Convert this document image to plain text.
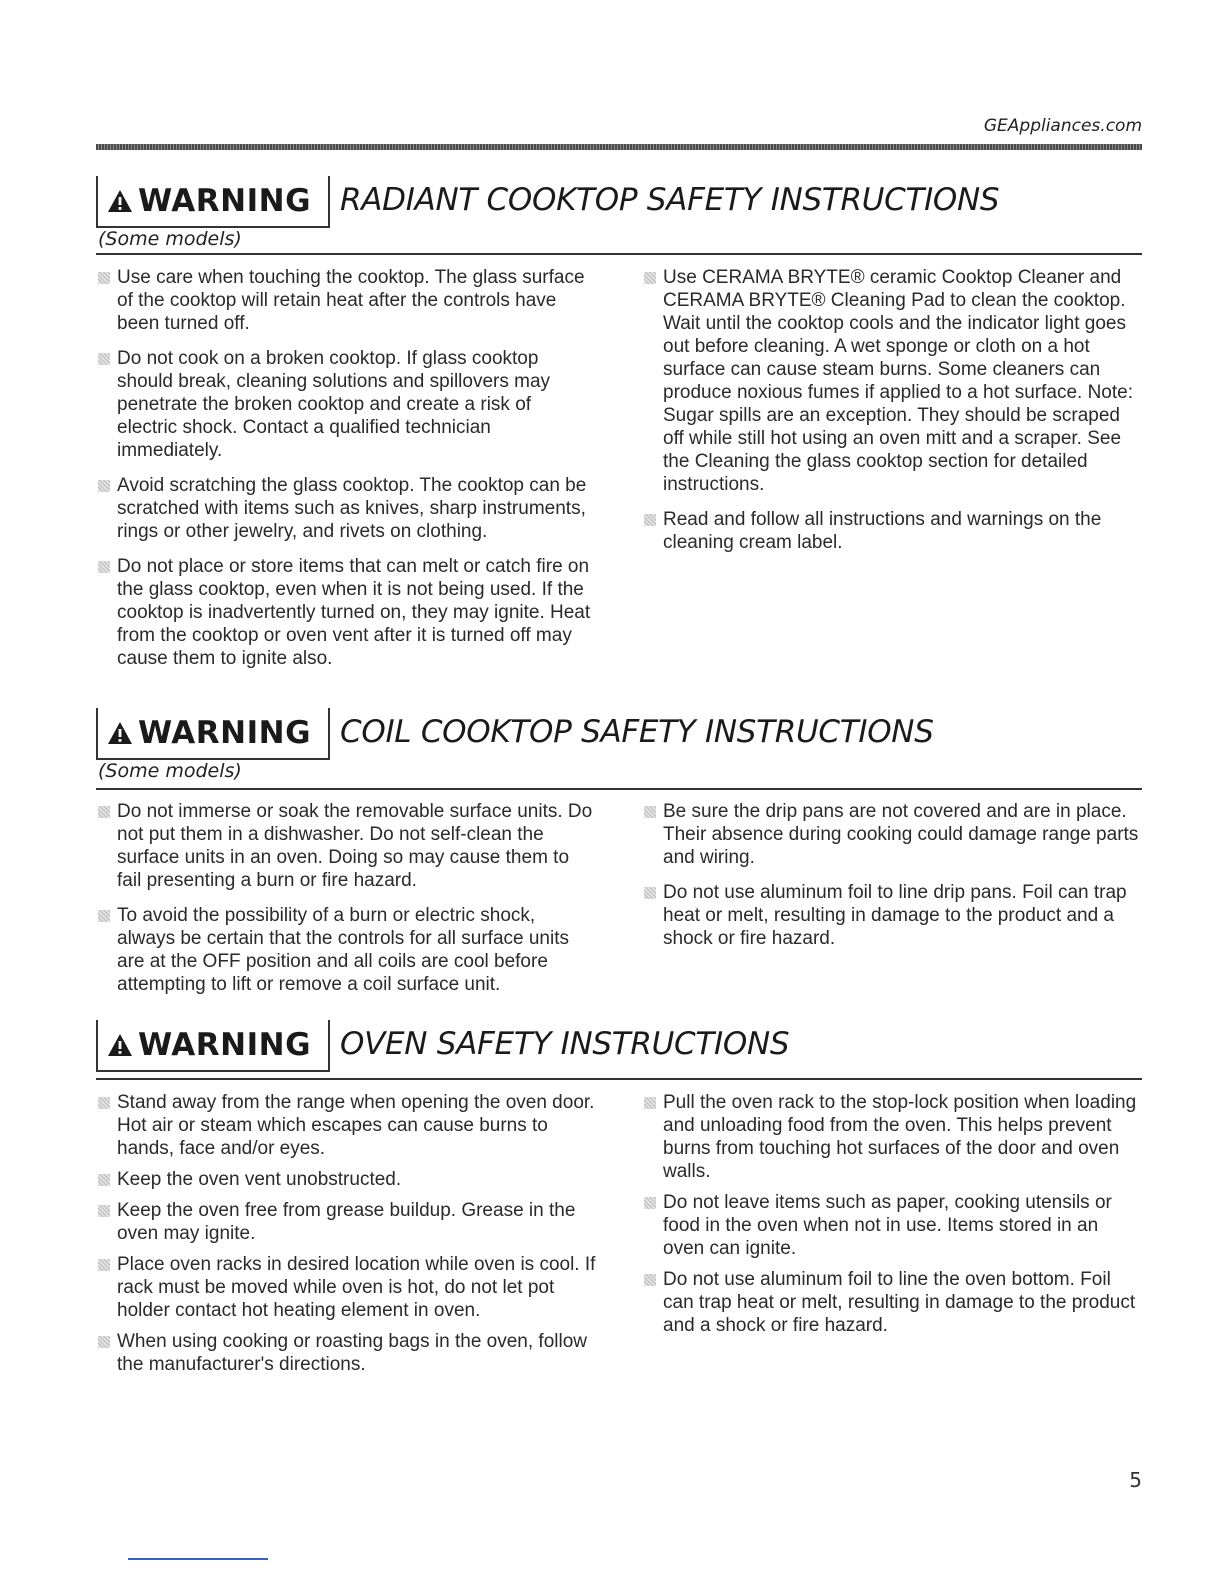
GEAppliances.com
WARNING RADIANT COOKTOP SAFETY INSTRUCTIONS
(Some models)
Use care when touching the cooktop. The glass surface of the cooktop will retain heat after the controls have been turned off.
Do not cook on a broken cooktop. If glass cooktop should break, cleaning solutions and spillovers may penetrate the broken cooktop and create a risk of electric shock. Contact a qualified technician immediately.
Avoid scratching the glass cooktop. The cooktop can be scratched with items such as knives, sharp instruments, rings or other jewelry, and rivets on clothing.
Do not place or store items that can melt or catch fire on the glass cooktop, even when it is not being used. If the cooktop is inadvertently turned on, they may ignite. Heat from the cooktop or oven vent after it is turned off may cause them to ignite also.
Use CERAMA BRYTE® ceramic Cooktop Cleaner and CERAMA BRYTE® Cleaning Pad to clean the cooktop. Wait until the cooktop cools and the indicator light goes out before cleaning. A wet sponge or cloth on a hot surface can cause steam burns. Some cleaners can produce noxious fumes if applied to a hot surface. Note: Sugar spills are an exception. They should be scraped off while still hot using an oven mitt and a scraper. See the Cleaning the glass cooktop section for detailed instructions.
Read and follow all instructions and warnings on the cleaning cream label.
WARNING COIL COOKTOP SAFETY INSTRUCTIONS
(Some models)
Do not immerse or soak the removable surface units. Do not put them in a dishwasher. Do not self-clean the surface units in an oven. Doing so may cause them to fail presenting a burn or fire hazard.
To avoid the possibility of a burn or electric shock, always be certain that the controls for all surface units are at the OFF position and all coils are cool before attempting to lift or remove a coil surface unit.
Be sure the drip pans are not covered and are in place. Their absence during cooking could damage range parts and wiring.
Do not use aluminum foil to line drip pans. Foil can trap heat or melt, resulting in damage to the product and a shock or fire hazard.
WARNING OVEN SAFETY INSTRUCTIONS
Stand away from the range when opening the oven door. Hot air or steam which escapes can cause burns to hands, face and/or eyes.
Keep the oven vent unobstructed.
Keep the oven free from grease buildup. Grease in the oven may ignite.
Place oven racks in desired location while oven is cool. If rack must be moved while oven is hot, do not let pot holder contact hot heating element in oven.
When using cooking or roasting bags in the oven, follow the manufacturer's directions.
Pull the oven rack to the stop-lock position when loading and unloading food from the oven. This helps prevent burns from touching hot surfaces of the door and oven walls.
Do not leave items such as paper, cooking utensils or food in the oven when not in use. Items stored in an oven can ignite.
Do not use aluminum foil to line the oven bottom. Foil can trap heat or melt, resulting in damage to the product and a shock or fire hazard.
5
